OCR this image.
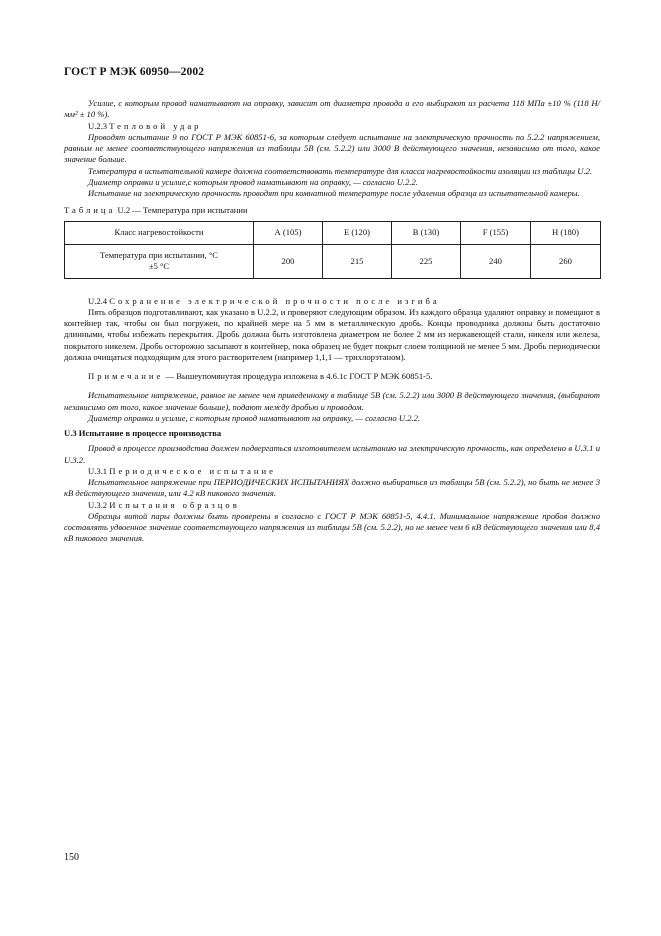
ГОСТ Р МЭК 60950—2002

Усилие, с которым провод наматывают на оправку, зависит от диаметра провода и его выбирают из расчета 118 МПа ±10 % (118 Н/мм² ± 10 %).

U.2.3 Тепловой удар

Проводят испытание 9 по ГОСТ Р МЭК 60851-6, за которым следует испытание на электрическую прочность по 5.2.2 напряжением, равным не менее соответствующего напряжения из таблицы 5В (см. 5.2.2) или 3000 В действующего значения, независимо от того, какое значение больше.

Температура в испытательной камере должна соответствовать температуре для класса нагревостойкости изоляции из таблицы U.2.

Диаметр оправки и усилие,с которым провод наматывают на оправку, — согласно U.2.2.

Испытание на электрическую прочность проводят при комнатной температуре после удаления образца из испытательной камеры.

Таблица U.2 — Температура при испытании

Класс нагревостойкости	А (105)	Е (120)	В (130)	F (155)	Н (180)

Температура при испытании, °С
±5 °С	200	215	225	240	260

U.2.4 Сохранение электрической прочности после изгиба

Пять образцов подготавливают, как указано в U.2.2, и проверяют следующим образом. Из каждого образца удаляют оправку и помещают в контейнер так, чтобы он был погружен, по крайней мере на 5 мм в металлическую дробь. Концы проводника должны быть достаточно длинными, чтобы избежать перекрытия. Дробь должна быть изготовлена диаметром не более 2 мм из нержавеющей стали, никеля или железа, покрытого никелем. Дробь осторожно засыпают в контейнер, пока образец не будет покрыт слоем толщиной не менее 5 мм. Дробь периодически должна очищаться подходящим для этого растворителем (например 1,1,1 — трихлорэтаном).

Примечание — Вышеупомянутая процедура изложена в 4.6.1с ГОСТ Р МЭК 60851-5.

Испытательное напряжение, равное не менее чем приведенному в таблице 5В (см. 5.2.2) или 3000 В действующего значения, (выбирают независимо от того, какое значение больше), подают между дробью и проводом.

Диаметр оправки и усилие, с которым провод наматывают на оправку, — согласно U.2.2.

U.3 Испытание в процессе производства

Провод в процессе производства должен подвергаться изготовителем испытанию на электрическую прочность, как определено в U.3.1 и U.3.2.

U.3.1 Периодическое испытание

Испытательное напряжение при ПЕРИОДИЧЕСКИХ ИСПЫТАНИЯХ должно выбираться из таблицы 5В (см. 5.2.2), но быть не менее 3 кВ действующего значения, или 4.2 кВ пикового значения.

U.3.2 Испытания образцов

Образцы витой пары должны быть проверены в согласно с ГОСТ Р МЭК 60851-5, 4.4.1. Минимальное напряжение пробоя должно составлять удвоенное значение соответствующего напряжения из таблицы 5В (см. 5.2.2), но не менее чем 6 кВ действующего значения или 8,4 кВ пикового значения.

150
